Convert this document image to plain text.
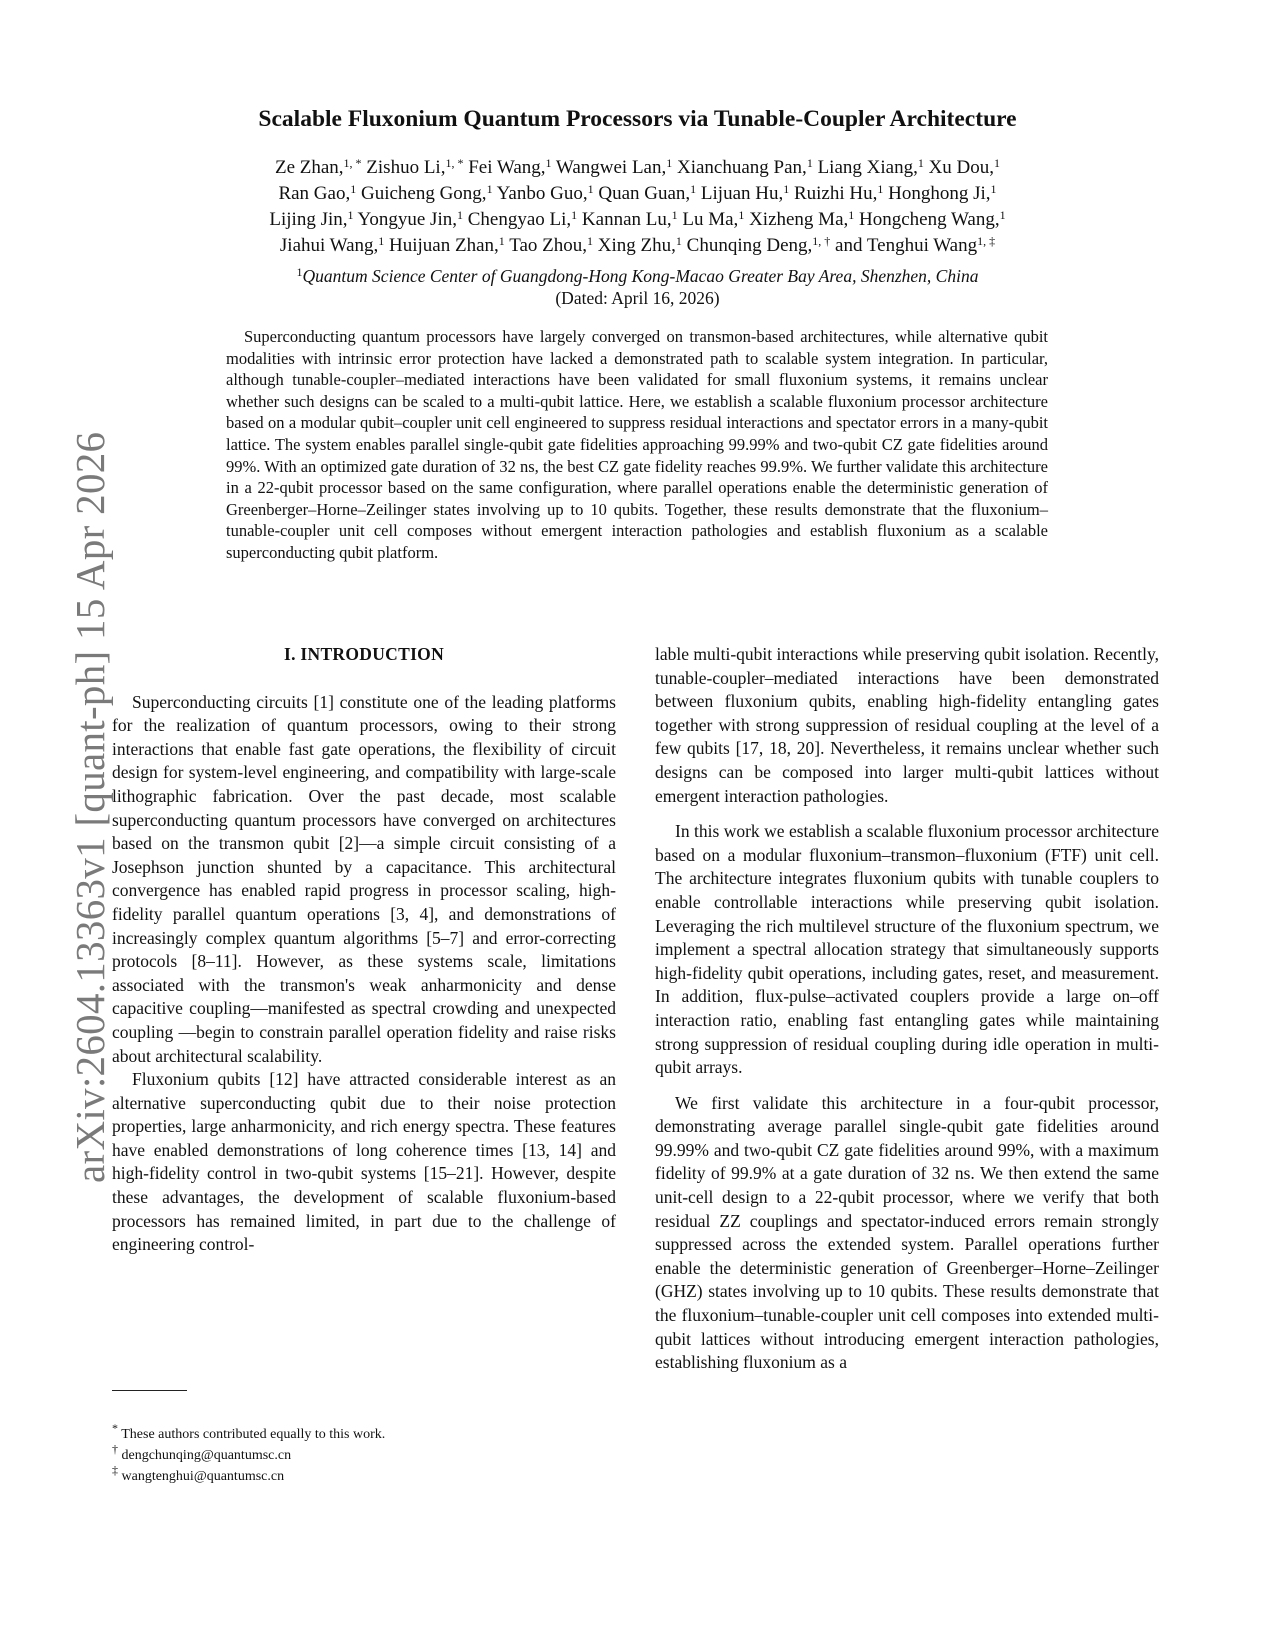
arXiv:2604.13363v1 [quant-ph] 15 Apr 2026
Scalable Fluxonium Quantum Processors via Tunable-Coupler Architecture
Ze Zhan,$^{1, *}$ Zishuo Li,$^{1, *}$ Fei Wang,$^1$ Wangwei Lan,$^1$ Xianchuang Pan,$^1$ Liang Xiang,$^1$ Xu Dou,$^1$
Ran Gao,$^1$ Guicheng Gong,$^1$ Yanbo Guo,$^1$ Quan Guan,$^1$ Lijuan Hu,$^1$ Ruizhi Hu,$^1$ Honghong Ji,$^1$
Lijing Jin,$^1$ Yongyue Jin,$^1$ Chengyao Li,$^1$ Kannan Lu,$^1$ Lu Ma,$^1$ Xizheng Ma,$^1$ Hongcheng Wang,$^1$
Jiahui Wang,$^1$ Huijuan Zhan,$^1$ Tao Zhou,$^1$ Xing Zhu,$^1$ Chunqing Deng,$^{1, \dagger}$ and Tenghui Wang$^{1, \ddagger}$
$^1$Quantum Science Center of Guangdong-Hong Kong-Macao Greater Bay Area, Shenzhen, China
(Dated: April 16, 2026)

Superconducting quantum processors have largely converged on transmon-based architectures, while alternative qubit modalities with intrinsic error protection have lacked a demonstrated path to scalable system integration. In particular, although tunable-coupler–mediated interactions have been validated for small fluxonium systems, it remains unclear whether such designs can be scaled to a multi-qubit lattice. Here, we establish a scalable fluxonium processor architecture based on a modular qubit–coupler unit cell engineered to suppress residual interactions and spectator errors in a many-qubit lattice. The system enables parallel single-qubit gate fidelities approaching 99.99% and two-qubit CZ gate fidelities around 99%. With an optimized gate duration of 32 ns, the best CZ gate fidelity reaches 99.9%. We further validate this architecture in a 22-qubit processor based on the same configuration, where parallel operations enable the deterministic generation of Greenberger–Horne–Zeilinger states involving up to 10 qubits. Together, these results demonstrate that the fluxonium–tunable-coupler unit cell composes without emergent interaction pathologies and establish fluxonium as a scalable superconducting qubit platform.

I. INTRODUCTION

Superconducting circuits [1] constitute one of the leading platforms for the realization of quantum processors, owing to their strong interactions that enable fast gate operations, the flexibility of circuit design for system-level engineering, and compatibility with large-scale lithographic fabrication. Over the past decade, most scalable superconducting quantum processors have converged on architectures based on the transmon qubit [2]—a simple circuit consisting of a Josephson junction shunted by a capacitance. This architectural convergence has enabled rapid progress in processor scaling, high-fidelity parallel quantum operations [3, 4], and demonstrations of increasingly complex quantum algorithms [5–7] and error-correcting protocols [8–11]. However, as these systems scale, limitations associated with the transmon's weak anharmonicity and dense capacitive coupling—manifested as spectral crowding and unexpected coupling —begin to constrain parallel operation fidelity and raise risks about architectural scalability.

Fluxonium qubits [12] have attracted considerable interest as an alternative superconducting qubit due to their noise protection properties, large anharmonicity, and rich energy spectra. These features have enabled demonstrations of long coherence times [13, 14] and high-fidelity control in two-qubit systems [15–21]. However, despite these advantages, the development of scalable fluxonium-based processors has remained limited, in part due to the challenge of engineering control-

lable multi-qubit interactions while preserving qubit isolation. Recently, tunable-coupler–mediated interactions have been demonstrated between fluxonium qubits, enabling high-fidelity entangling gates together with strong suppression of residual coupling at the level of a few qubits [17, 18, 20]. Nevertheless, it remains unclear whether such designs can be composed into larger multi-qubit lattices without emergent interaction pathologies.

In this work we establish a scalable fluxonium processor architecture based on a modular fluxonium–transmon–fluxonium (FTF) unit cell. The architecture integrates fluxonium qubits with tunable couplers to enable controllable interactions while preserving qubit isolation. Leveraging the rich multilevel structure of the fluxonium spectrum, we implement a spectral allocation strategy that simultaneously supports high-fidelity qubit operations, including gates, reset, and measurement. In addition, flux-pulse–activated couplers provide a large on–off interaction ratio, enabling fast entangling gates while maintaining strong suppression of residual coupling during idle operation in multi-qubit arrays.

We first validate this architecture in a four-qubit processor, demonstrating average parallel single-qubit gate fidelities around 99.99% and two-qubit CZ gate fidelities around 99%, with a maximum fidelity of 99.9% at a gate duration of 32 ns. We then extend the same unit-cell design to a 22-qubit processor, where we verify that both residual ZZ couplings and spectator-induced errors remain strongly suppressed across the extended system. Parallel operations further enable the deterministic generation of Greenberger–Horne–Zeilinger (GHZ) states involving up to 10 qubits. These results demonstrate that the fluxonium–tunable-coupler unit cell composes into extended multi-qubit lattices without introducing emergent interaction pathologies, establishing fluxonium as a

* These authors contributed equally to this work.
† dengchunqing@quantumsc.cn
‡ wangtenghui@quantumsc.cn
